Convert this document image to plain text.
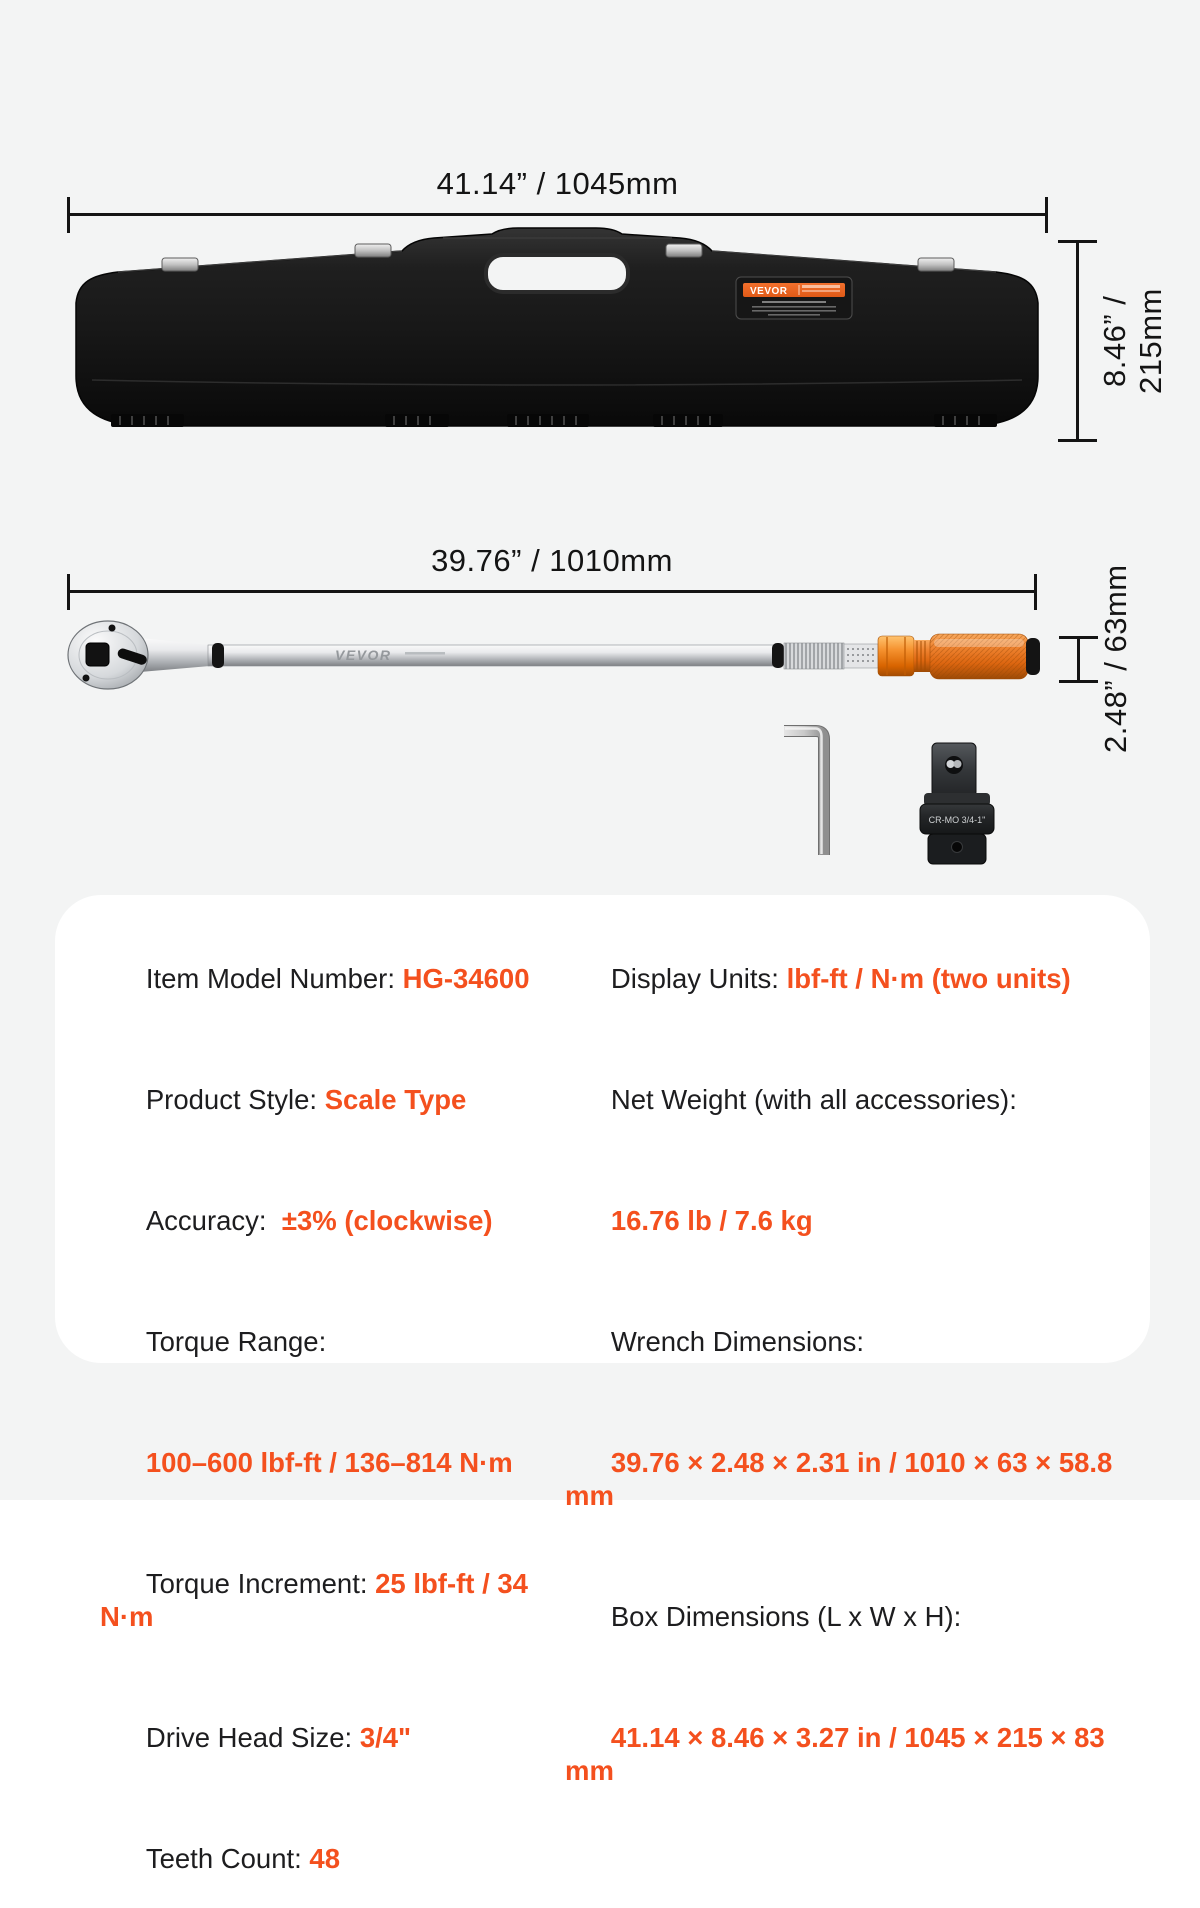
41.14” / 1045mm
VEVOR
8.46” / 215mm
39.76” / 1010mm
VEVOR	2.48” / 63mm
CR-MO 3/4-1"

Item Model Number: HG-34600

Product Style: Scale Type

Accuracy:  ±3% (clockwise)

Torque Range:

100–600 lbf-ft / 136–814 N·m

Torque Increment: 25 lbf-ft / 34 N·m

Drive Head Size: 3/4"

Teeth Count: 48

Display Units: lbf-ft / N·m (two units)

Net Weight (with all accessories):

16.76 lb / 7.6 kg

Wrench Dimensions:

39.76 × 2.48 × 2.31 in / 1010 × 63 × 58.8 mm

Box Dimensions (L x W x H):

41.14 × 8.46 × 3.27 in / 1045 × 215 × 83 mm
